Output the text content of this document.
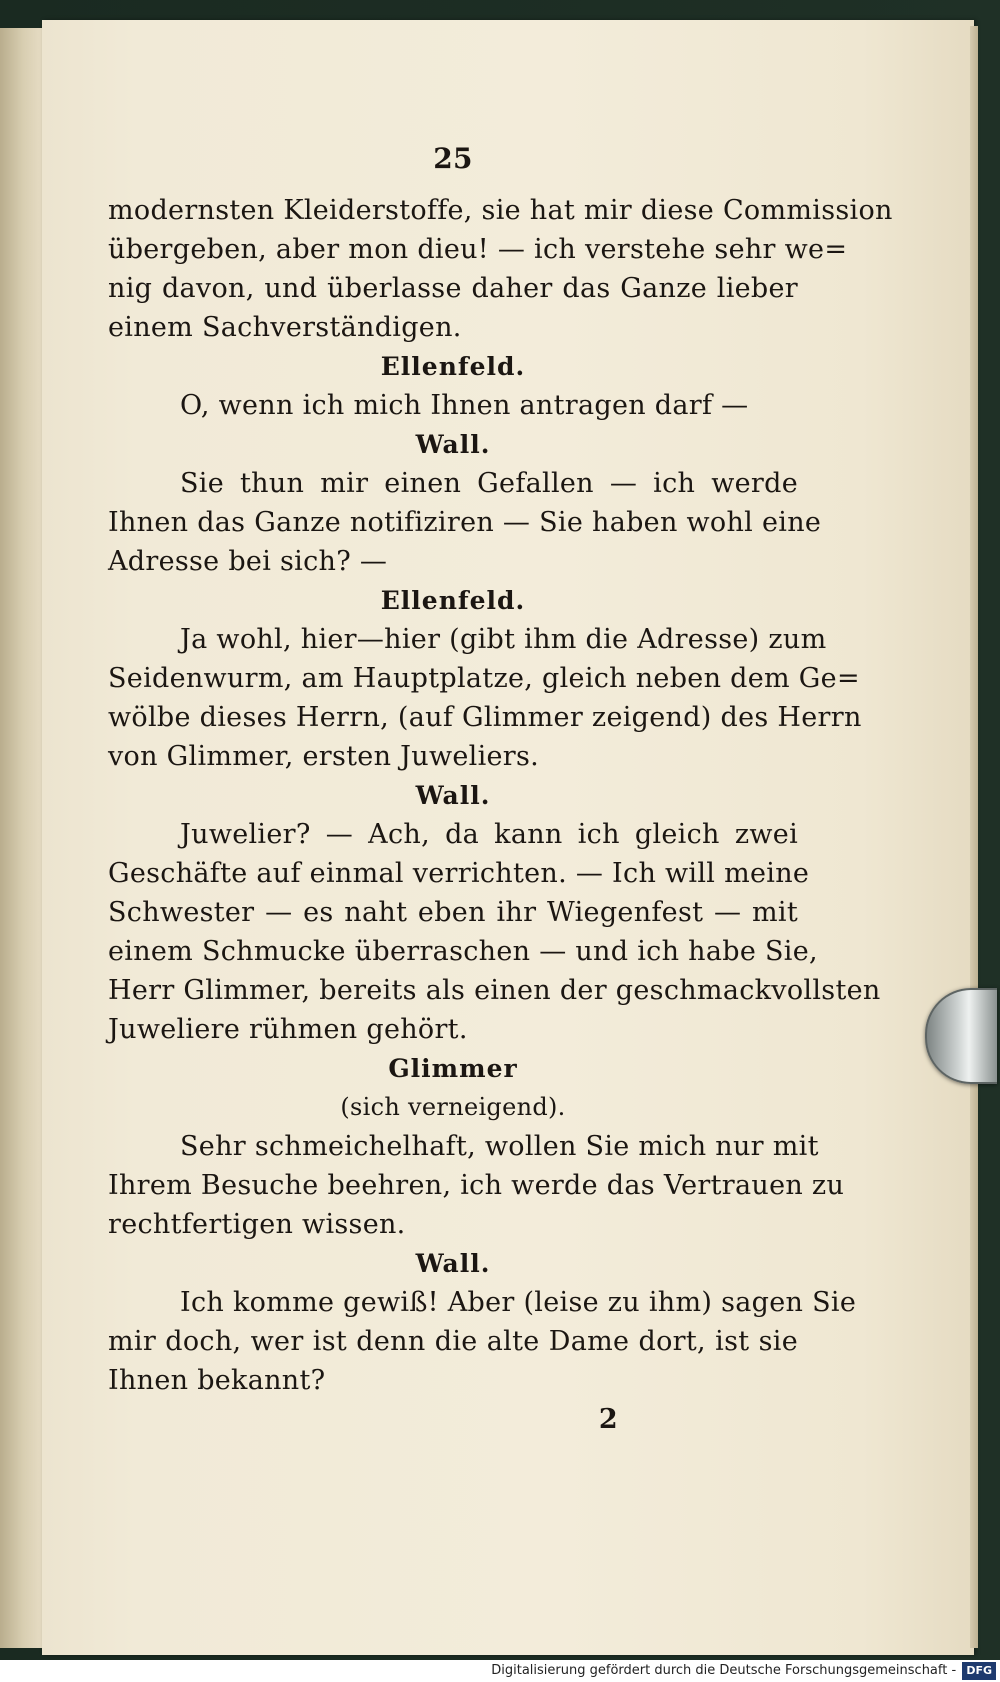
25
modernsten Kleiderstoffe, sie hat mir diese Commission
übergeben, aber mon dieu! — ich verstehe sehr we=
nig davon, und überlasse daher das Ganze lieber
einem Sachverständigen.
Ellenfeld.
O, wenn ich mich Ihnen antragen darf —
Wall.
Sie thun mir einen Gefallen — ich werde
Ihnen das Ganze notifiziren — Sie haben wohl eine
Adresse bei sich? —
Ellenfeld.
Ja wohl, hier—hier (gibt ihm die Adresse) zum
Seidenwurm, am Hauptplatze, gleich neben dem Ge=
wölbe dieses Herrn, (auf Glimmer zeigend) des Herrn
von Glimmer, ersten Juweliers.
Wall.
Juwelier? — Ach, da kann ich gleich zwei
Geschäfte auf einmal verrichten. — Ich will meine
Schwester — es naht eben ihr Wiegenfest — mit
einem Schmucke überraschen — und ich habe Sie,
Herr Glimmer, bereits als einen der geschmackvollsten
Juweliere rühmen gehört.
Glimmer
(sich verneigend).
Sehr schmeichelhaft, wollen Sie mich nur mit
Ihrem Besuche beehren, ich werde das Vertrauen zu
rechtfertigen wissen.
Wall.
Ich komme gewiß! Aber (leise zu ihm) sagen Sie
mir doch, wer ist denn die alte Dame dort, ist sie
Ihnen bekannt?
2
Digitalisierung gefördert durch die Deutsche Forschungsgemeinschaft - DFG
